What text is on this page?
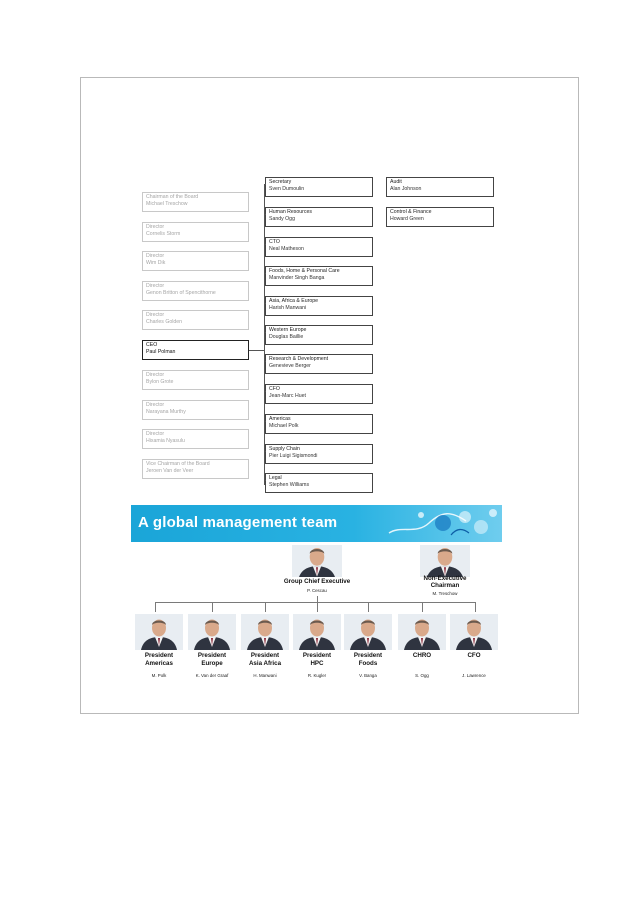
Chairman of the Board
Michael Treschow
Director
Cornelis Storm
Director
Wim Dik
Director
Genon Britton of Spencithorne
Director
Charles Golden
CEO
Paul Polman
Director
Bylon Grote
Director
Narayana Murthy
Director
Hixamia Nyasulu
Vice Chairman of the Board
Jeroen Van der Veer
Secretary
Sven Dumoulin
Human Resources
Sandy Ogg
CTO
Neal Matheson
Foods, Home & Personal Care
Manvinder Singh Banga
Asia, Africa & Europe
Harish Manwani
Western Europe
Douglas Baillie
Research & Development
Genevieve Berger
CFO
Jean-Marc Huet
Americas
Michael Polk
Supply Chain
Pier Luigi Sigismondi
Legal
Stephen Williams
Audit
Alan Johnson
Control & Finance
Howard Green
A global management team
Group Chief Executive
P. Cescau
Non-Executive
Chairman
M. Treschow
President
Americas
M. Polk
President
Europe
K. Van der Graaf
President
Asia Africa
H. Manwani
President
HPC
R. Kugler
President
Foods
V. Banga
CHRO
S. Ogg
CFO
J. Lawrence
